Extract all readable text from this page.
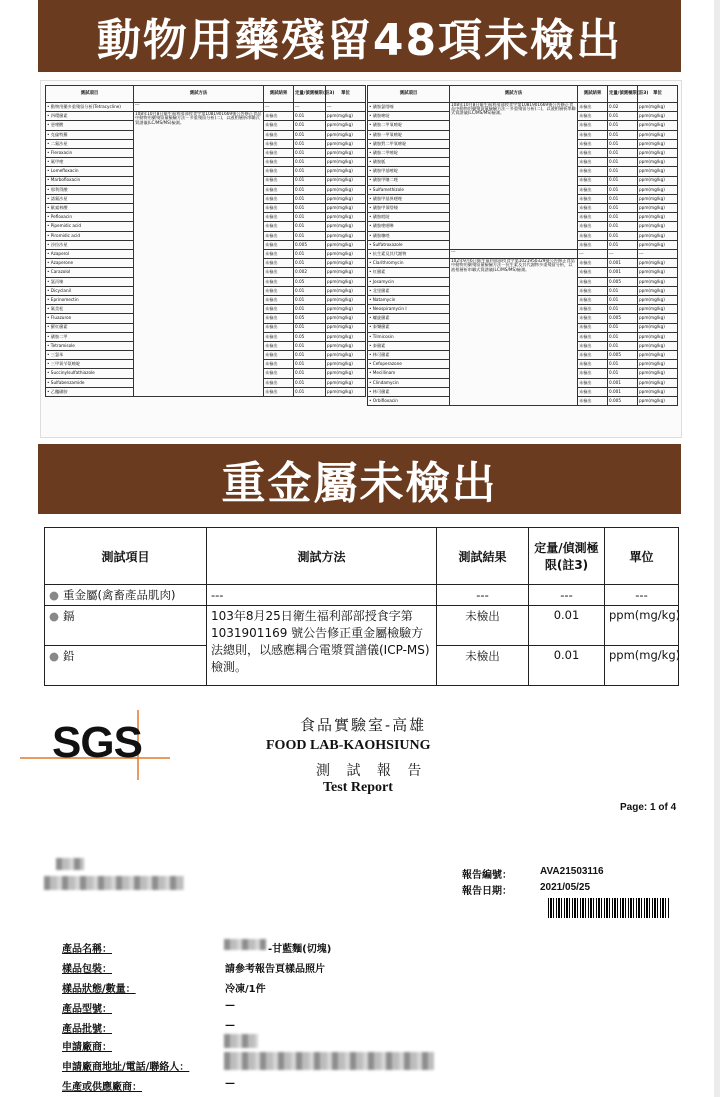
動物用藥殘留48項未檢出
測試項目	測試方法	測試結果	定量/偵測極限(註3)	單位
• 動物用藥多重殘留分析(Tetracycline)	---	---	---	---
• 四環黴素	108年10月8日衛生福利部部授食字第1081901669號公告修正食品中動物用藥殘留量檢驗方法－多重殘留分析(二)，以液相層析串聯式質譜儀(LC/MS/MS)檢測。	未檢出	0.01	ppm(mg/kg)
• 惡喹酸		未檢出	0.01	ppm(mg/kg)
• 克倫特羅		未檢出	0.01	ppm(mg/kg)
• 二氟沙星		未檢出	0.01	ppm(mg/kg)
• Fleroxacin		未檢出	0.01	ppm(mg/kg)
• 氟甲喹		未檢出	0.01	ppm(mg/kg)
• Lomefloxacin		未檢出	0.01	ppm(mg/kg)
• Marbofloxacin		未檢出	0.01	ppm(mg/kg)
• 那利得酸		未檢出	0.01	ppm(mg/kg)
• 諾氟沙星		未檢出	0.01	ppm(mg/kg)
• 歐索林酸		未檢出	0.01	ppm(mg/kg)
• Pefloxacin		未檢出	0.01	ppm(mg/kg)
• Pipemidic acid		未檢出	0.01	ppm(mg/kg)
• Piromidic acid		未檢出	0.01	ppm(mg/kg)
• 沙拉沙星		未檢出	0.005	ppm(mg/kg)
• Azaperol		未檢出	0.01	ppm(mg/kg)
• Azaperone		未檢出	0.01	ppm(mg/kg)
• Carazolol		未檢出	0.002	ppm(mg/kg)
• 氯丙嗪		未檢出	0.05	ppm(mg/kg)
• Dicyclanil		未檢出	0.01	ppm(mg/kg)
• Eprinomectin		未檢出	0.01	ppm(mg/kg)
• 氟美松		未檢出	0.01	ppm(mg/kg)
• Fluazuron		未檢出	0.05	ppm(mg/kg)
• 羅紅黴素		未檢出	0.01	ppm(mg/kg)
• 磺胺二甲		未檢出	0.05	ppm(mg/kg)
• Tetramisole		未檢出	0.01	ppm(mg/kg)
• 三氯苯		未檢出	0.01	ppm(mg/kg)
• 三甲氧苄氨嘧啶		未檢出	0.01	ppm(mg/kg)
• Succinylsulfathiazole		未檢出	0.01	ppm(mg/kg)
• Sulfabenzamide		未檢出	0.01	ppm(mg/kg)
• 乙醯磺胺		未檢出	0.01	ppm(mg/kg)
測試項目	測試方法	測試結果	定量/偵測極限(註3)	單位
• 磺胺氯嗒嗪	108年10月8日衛生福利部部授食字第1081901669號公告修正食品中動物用藥殘留量檢驗方法－多重殘留分析(二)，以液相層析串聯式質譜儀(LC/MS/MS)檢測。	未檢出	0.02	ppm(mg/kg)
• 磺胺嘧啶		未檢出	0.01	ppm(mg/kg)
• 磺胺二甲氧嘧啶		未檢出	0.01	ppm(mg/kg)
• 磺胺一甲氧嘧啶		未檢出	0.01	ppm(mg/kg)
• 磺胺對二甲氧嘧啶		未檢出	0.01	ppm(mg/kg)
• 磺胺二甲嘧啶		未檢出	0.01	ppm(mg/kg)
• 磺胺胍		未檢出	0.01	ppm(mg/kg)
• 磺胺甲基嘧啶		未檢出	0.01	ppm(mg/kg)
• 磺胺甲噻二唑		未檢出	0.01	ppm(mg/kg)
• Sulfamethizole		未檢出	0.01	ppm(mg/kg)
• 磺胺甲基異噁唑		未檢出	0.01	ppm(mg/kg)
• 磺胺甲氧嗒嗪		未檢出	0.01	ppm(mg/kg)
• 磺胺吡啶		未檢出	0.01	ppm(mg/kg)
• 磺胺喹噁啉		未檢出	0.01	ppm(mg/kg)
• 磺胺噻唑		未檢出	0.01	ppm(mg/kg)
• Sulfatroxazole		未檢出	0.01	ppm(mg/kg)
• 抗生素及其代謝物	---	---	---	---
• Clarithromycin	102年9月6日衛生福利部部授食字第1021950329號公告修正食品中動物用藥殘留量檢驗方法－抗生素及其代謝物多重殘留分析，以液相層析串聯式質譜儀(LC/MS/MS)檢測。	未檢出	0.001	ppm(mg/kg)
• 紅黴素		未檢出	0.001	ppm(mg/kg)
• Josamycin		未檢出	0.005	ppm(mg/kg)
• 北里黴素		未檢出	0.01	ppm(mg/kg)
• Natamycin		未檢出	0.01	ppm(mg/kg)
• Neospiramycin I		未檢出	0.01	ppm(mg/kg)
• 螺旋黴素		未檢出	0.005	ppm(mg/kg)
• 泰樂黴素		未檢出	0.01	ppm(mg/kg)
• Tilmicosin		未檢出	0.01	ppm(mg/kg)
• 泰黴素		未檢出	0.01	ppm(mg/kg)
• 林可黴素		未檢出	0.005	ppm(mg/kg)
• Cefoperazone		未檢出	0.01	ppm(mg/kg)
• Mecillinam		未檢出	0.01	ppm(mg/kg)
• Clindamycin		未檢出	0.001	ppm(mg/kg)
• 林可黴素		未檢出	0.001	ppm(mg/kg)
• Orbifloxacin		未檢出	0.005	ppm(mg/kg)
重金屬未檢出
測試項目	測試方法	測試結果	定量/偵測極限(註3)	單位
● 重金屬(禽畜產品肌肉)	---	---	---	---
● 鎘	103年8月25日衛生福利部部授食字第1031901169 號公告修正重金屬檢驗方法總則，以感應耦合電漿質譜儀(ICP-MS)檢測。	未檢出	0.01	ppm(mg/kg)
● 鉛		未檢出	0.01	ppm(mg/kg)
SGS	食品實驗室-高雄
FOOD LAB-KAOHSIUNG
測 試 報 告
Test Report
Page: 1 of 4
報告編號：	AVA21503116
報告日期：	2021/05/25
產品名稱：	-甘藍麵(切塊)
樣品包裝：	請參考報告頁樣品照片
樣品狀態/數量：	冷凍/1件
產品型號：	—
產品批號：	—
申請廠商：
申請廠商地址/電話/聯絡人：
生產或供應廠商：	—
